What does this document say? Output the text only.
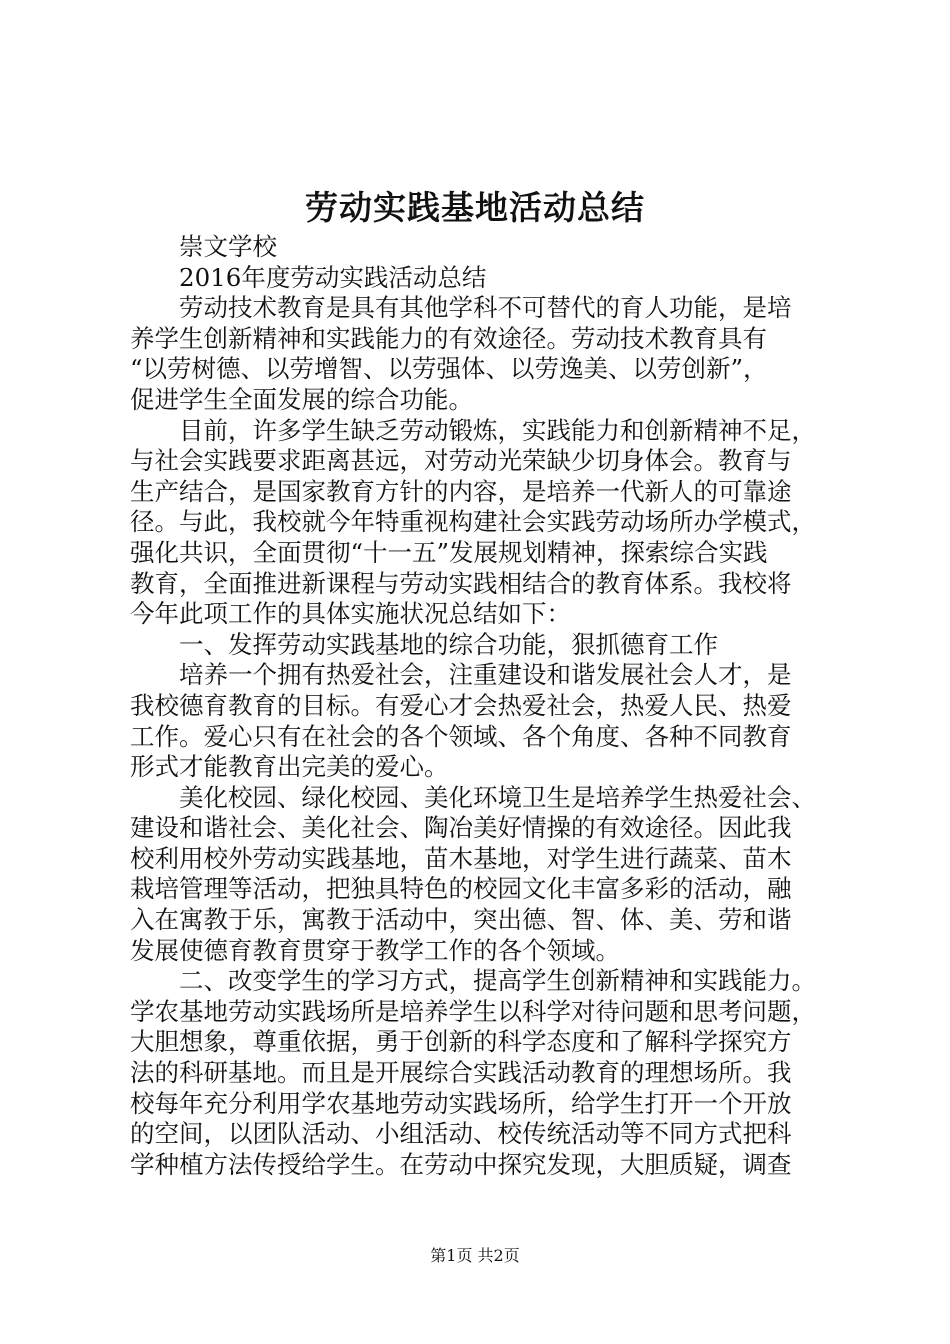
劳动实践基地活动总结
崇文学校
2016年度劳动实践活动总结
劳动技术教育是具有其他学科不可替代的育人功能，是培
养学生创新精神和实践能力的有效途径。劳动技术教育具有
“以劳树德、以劳增智、以劳强体、以劳逸美、以劳创新”，
促进学生全面发展的综合功能。
目前，许多学生缺乏劳动锻炼，实践能力和创新精神不足，
与社会实践要求距离甚远，对劳动光荣缺少切身体会。教育与
生产结合，是国家教育方针的内容，是培养一代新人的可靠途
径。与此，我校就今年特重视构建社会实践劳动场所办学模式，
强化共识，全面贯彻“十一五”发展规划精神，探索综合实践
教育，全面推进新课程与劳动实践相结合的教育体系。我校将
今年此项工作的具体实施状况总结如下：
一、发挥劳动实践基地的综合功能，狠抓德育工作
培养一个拥有热爱社会，注重建设和谐发展社会人才，是
我校德育教育的目标。有爱心才会热爱社会，热爱人民、热爱
工作。爱心只有在社会的各个领域、各个角度、各种不同教育
形式才能教育出完美的爱心。
美化校园、绿化校园、美化环境卫生是培养学生热爱社会、
建设和谐社会、美化社会、陶冶美好情操的有效途径。因此我
校利用校外劳动实践基地，苗木基地，对学生进行蔬菜、苗木
栽培管理等活动，把独具特色的校园文化丰富多彩的活动，融
入在寓教于乐，寓教于活动中，突出德、智、体、美、劳和谐
发展使德育教育贯穿于教学工作的各个领域。
二、改变学生的学习方式，提高学生创新精神和实践能力。
学农基地劳动实践场所是培养学生以科学对待问题和思考问题，
大胆想象，尊重依据，勇于创新的科学态度和了解科学探究方
法的科研基地。而且是开展综合实践活动教育的理想场所。我
校每年充分利用学农基地劳动实践场所，给学生打开一个开放
的空间，以团队活动、小组活动、校传统活动等不同方式把科
学种植方法传授给学生。在劳动中探究发现，大胆质疑，调查
第1页 共2页
